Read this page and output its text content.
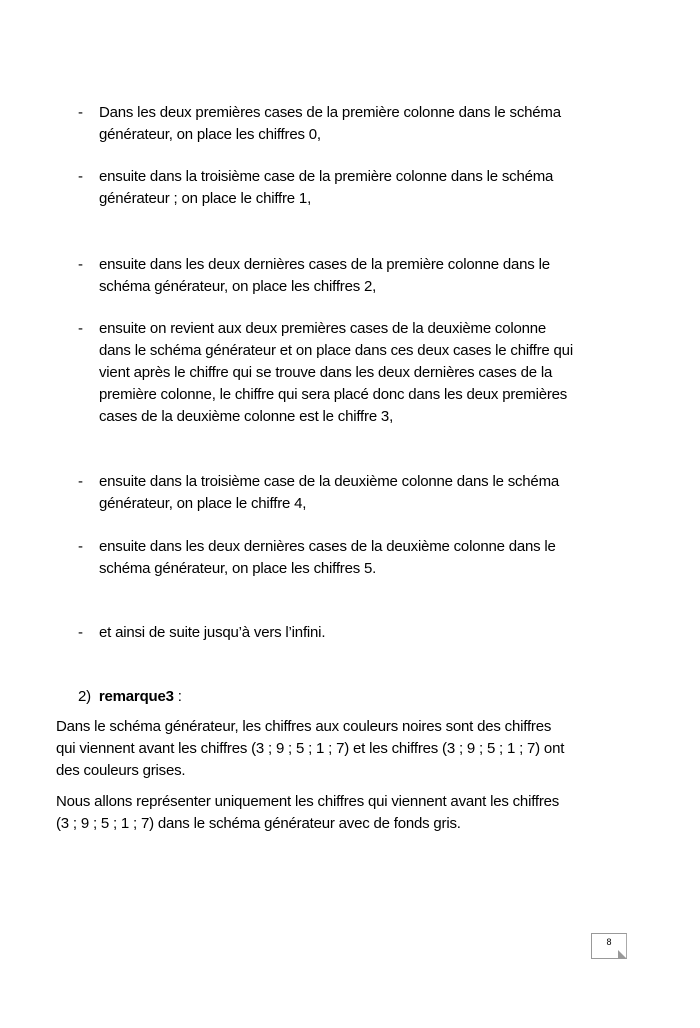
- Dans les deux premières cases de la première colonne dans le schéma
générateur, on place les chiffres 0,
- ensuite dans la troisième case de la première colonne dans le schéma
générateur ; on place le chiffre 1,
- ensuite dans les deux dernières cases de la première colonne dans le
schéma générateur, on place les chiffres 2,
- ensuite on revient aux deux premières cases de la deuxième colonne
dans le schéma générateur et on place dans ces deux cases le chiffre qui
vient après le chiffre qui se trouve dans les deux dernières cases de la
première colonne, le chiffre qui sera placé donc dans les deux premières
cases de la deuxième colonne est le chiffre 3,
- ensuite dans la troisième case de la deuxième colonne dans le schéma
générateur, on place le chiffre 4,
- ensuite dans les deux dernières cases de la deuxième colonne dans le
schéma générateur, on place les chiffres 5.
- et ainsi de suite jusqu’à vers l’infini.
2) remarque3 :
Dans le schéma générateur, les chiffres aux couleurs noires sont des chiffres
qui viennent avant les chiffres (3 ; 9 ; 5 ; 1 ; 7) et les chiffres (3 ; 9 ; 5 ; 1 ; 7) ont
des couleurs grises.
Nous allons représenter uniquement les chiffres qui viennent avant les chiffres
(3 ; 9 ; 5 ; 1 ; 7) dans le schéma générateur avec de fonds gris.
8
